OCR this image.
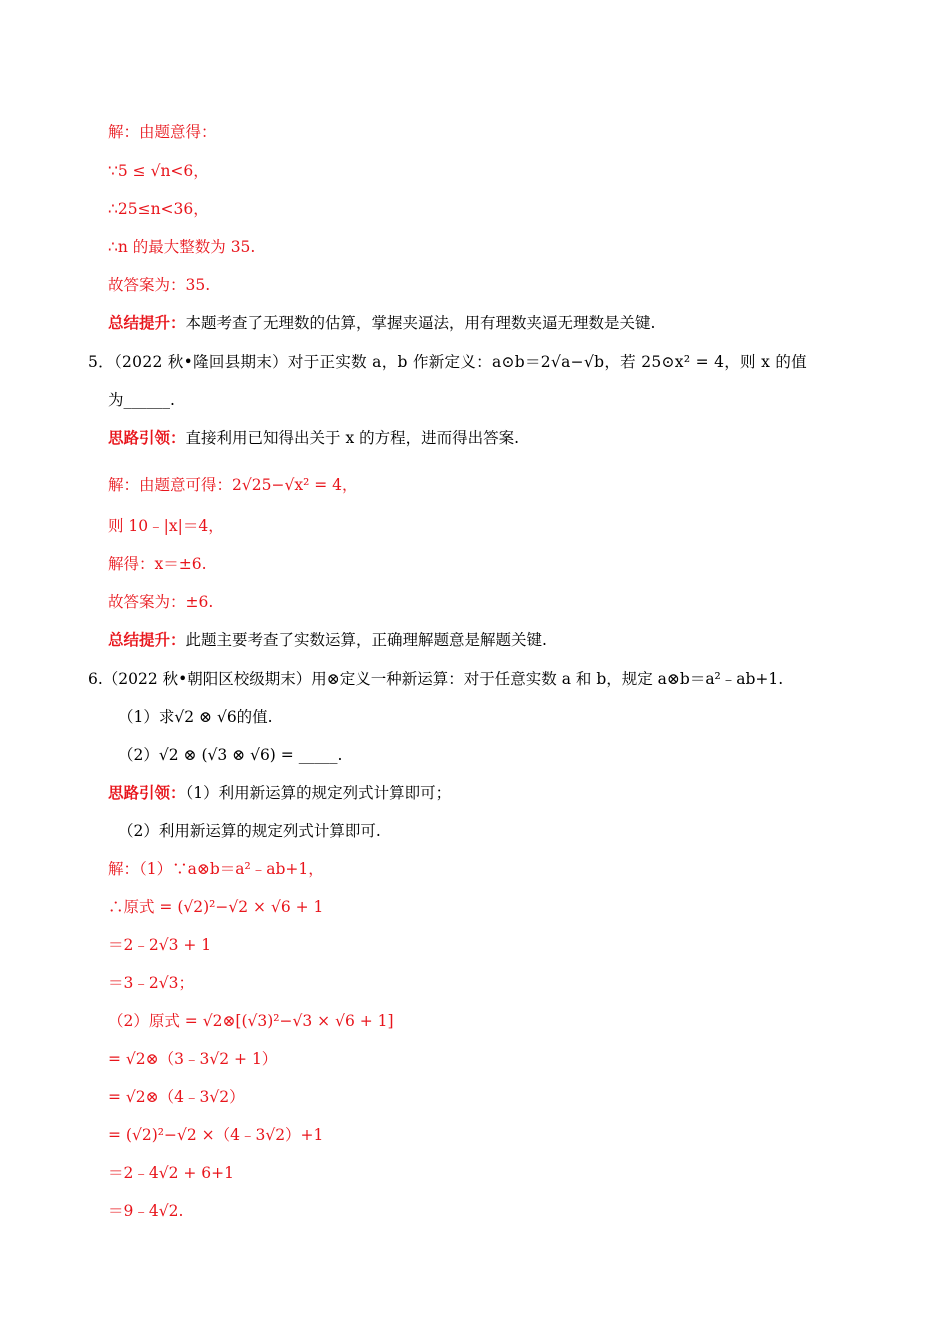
解：由题意得：
∵5 ≤ √n<6，
∴25≤n<36，
∴n 的最大整数为 35.
故答案为：35.
总结提升：本题考查了无理数的估算，掌握夹逼法，用有理数夹逼无理数是关键.
5．（2022 秋•隆回县期末）对于正实数 a，b 作新定义：a⊙b＝2√a−√b，若 25⊙x² = 4，则 x 的值
为______.
思路引领：直接利用已知得出关于 x 的方程，进而得出答案.
解：由题意可得：2√25−√x² = 4，
则 10﹣|x|＝4，
解得：x＝±6.
故答案为：±6.
总结提升：此题主要考查了实数运算，正确理解题意是解题关键.
6.（2022 秋•朝阳区校级期末）用⊗定义一种新运算：对于任意实数 a 和 b，规定 a⊗b＝a²﹣ab+1.
（1）求√2 ⊗ √6的值.
（2）√2 ⊗ (√3 ⊗ √6) = _____.
思路引领：（1）利用新运算的规定列式计算即可；
（2）利用新运算的规定列式计算即可.
解：（1）∵a⊗b＝a²﹣ab+1，
∴原式 = (√2)²−√2 × √6 + 1
＝2﹣2√3 + 1
＝3﹣2√3；
（2）原式 = √2⊗[(√3)²−√3 × √6 + 1]
= √2⊗（3﹣3√2 + 1）
= √2⊗（4﹣3√2）
= (√2)²−√2 ×（4﹣3√2）+1
＝2﹣4√2 + 6+1
＝9﹣4√2.
